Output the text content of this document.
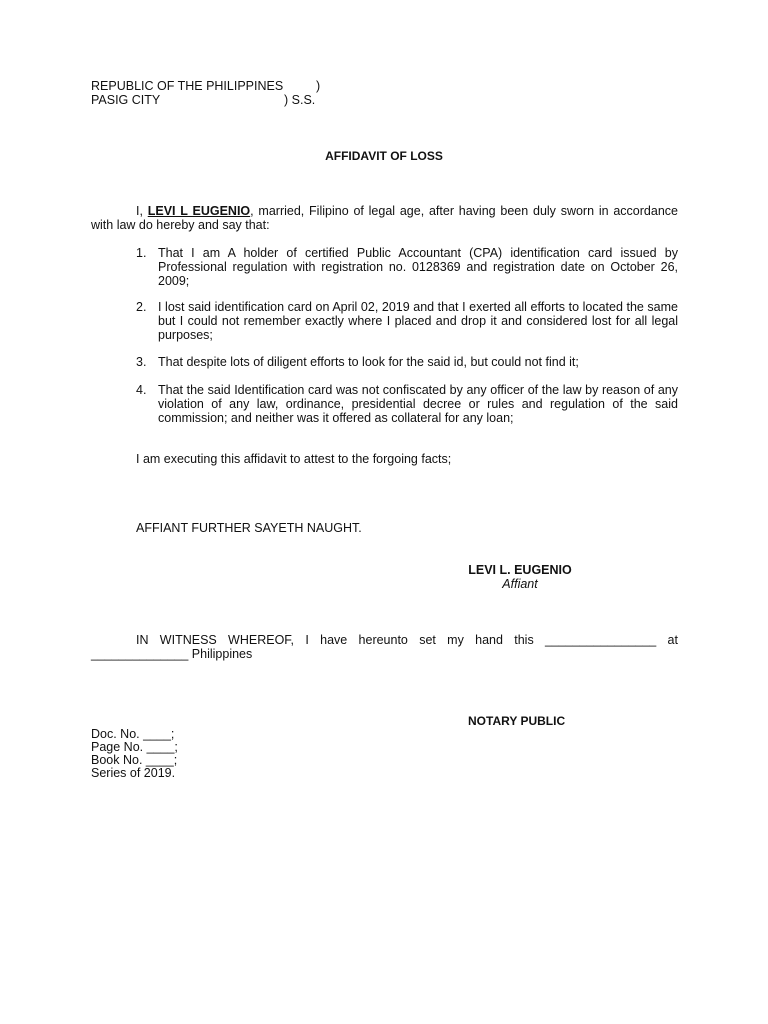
REPUBLIC OF THE PHILIPPINES	)
PASIG CITY	) S.S.
AFFIDAVIT OF LOSS
I, LEVI L EUGENIO, married, Filipino of legal age, after having been duly sworn in accordance with law do hereby and say that:
1. That I am A holder of certified Public Accountant (CPA) identification card issued by Professional regulation with registration no. 0128369 and registration date on October 26, 2009;
2. I lost said identification card on April 02, 2019 and that I exerted all efforts to located the same but I could not remember exactly where I placed and drop it and considered lost for all legal purposes;
3. That despite lots of diligent efforts to look for the said id, but could not find it;
4. That the said Identification card was not confiscated by any officer of the law by reason of any violation of any law, ordinance, presidential decree or rules and regulation of the said commission; and neither was it offered as collateral for any loan;
I am executing this affidavit to attest to the forgoing facts;
AFFIANT FURTHER SAYETH NAUGHT.
LEVI L. EUGENIO
Affiant
IN WITNESS WHEREOF, I have hereunto set my hand this ________________ at
______________ Philippines
NOTARY PUBLIC
Doc. No. ____;
Page No. ____;
Book No. ____;
Series of 2019.
